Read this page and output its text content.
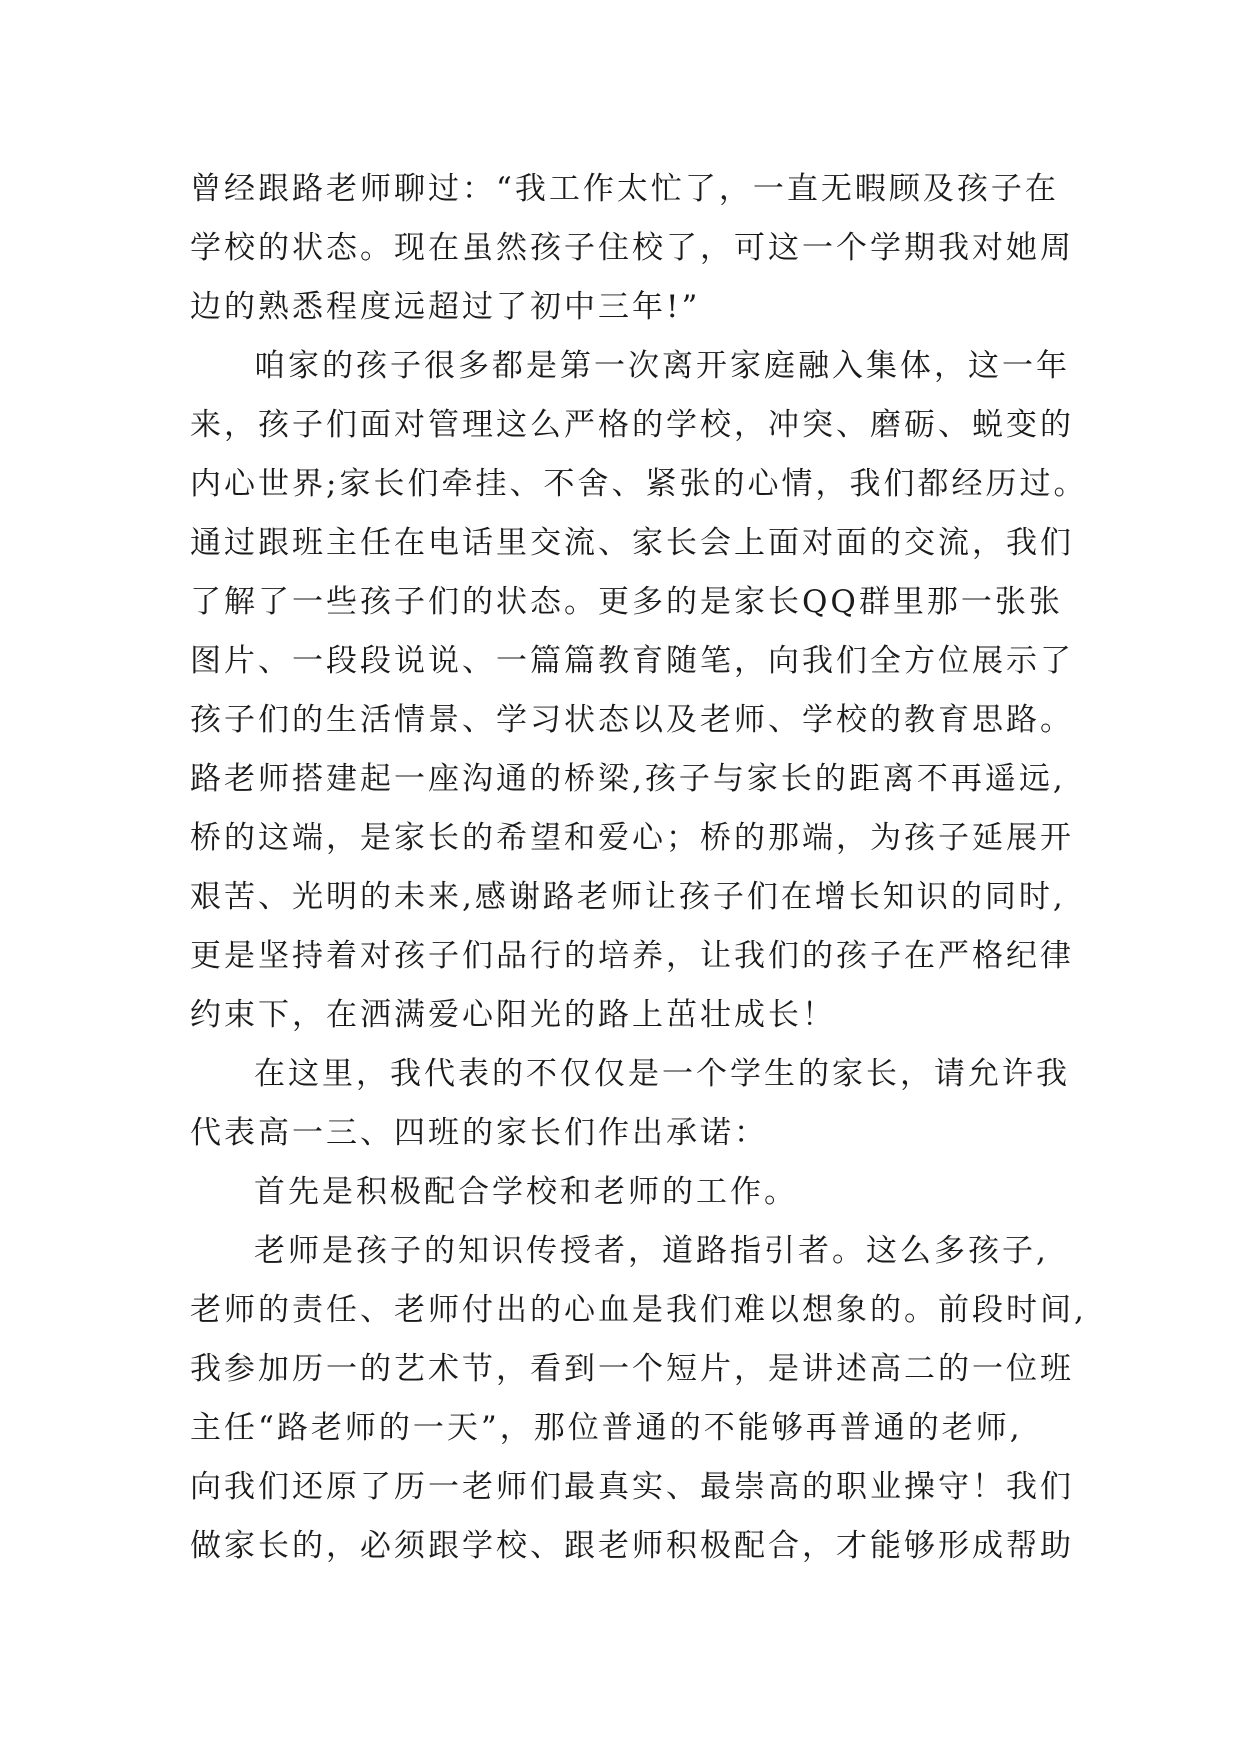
曾经跟路老师聊过：“我工作太忙了，一直无暇顾及孩子在
学校的状态。现在虽然孩子住校了，可这一个学期我对她周
边的熟悉程度远超过了初中三年!”
咱家的孩子很多都是第一次离开家庭融入集体，这一年
来，孩子们面对管理这么严格的学校，冲突、磨砺、蜕变的
内心世界;家长们牵挂、不舍、紧张的心情，我们都经历过。
通过跟班主任在电话里交流、家长会上面对面的交流，我们
了解了一些孩子们的状态。更多的是家长QQ群里那一张张
图片、一段段说说、一篇篇教育随笔，向我们全方位展示了
孩子们的生活情景、学习状态以及老师、学校的教育思路。
路老师搭建起一座沟通的桥梁,孩子与家长的距离不再遥远,
桥的这端，是家长的希望和爱心；桥的那端，为孩子延展开
艰苦、光明的未来,感谢路老师让孩子们在增长知识的同时,
更是坚持着对孩子们品行的培养，让我们的孩子在严格纪律
约束下，在洒满爱心阳光的路上茁壮成长！
在这里，我代表的不仅仅是一个学生的家长，请允许我
代表高一三、四班的家长们作出承诺：
首先是积极配合学校和老师的工作。
老师是孩子的知识传授者，道路指引者。这么多孩子,
老师的责任、老师付出的心血是我们难以想象的。前段时间,
我参加历一的艺术节，看到一个短片，是讲述高二的一位班
主任“路老师的一天”，那位普通的不能够再普通的老师,
向我们还原了历一老师们最真实、最崇高的职业操守！我们
做家长的，必须跟学校、跟老师积极配合，才能够形成帮助
